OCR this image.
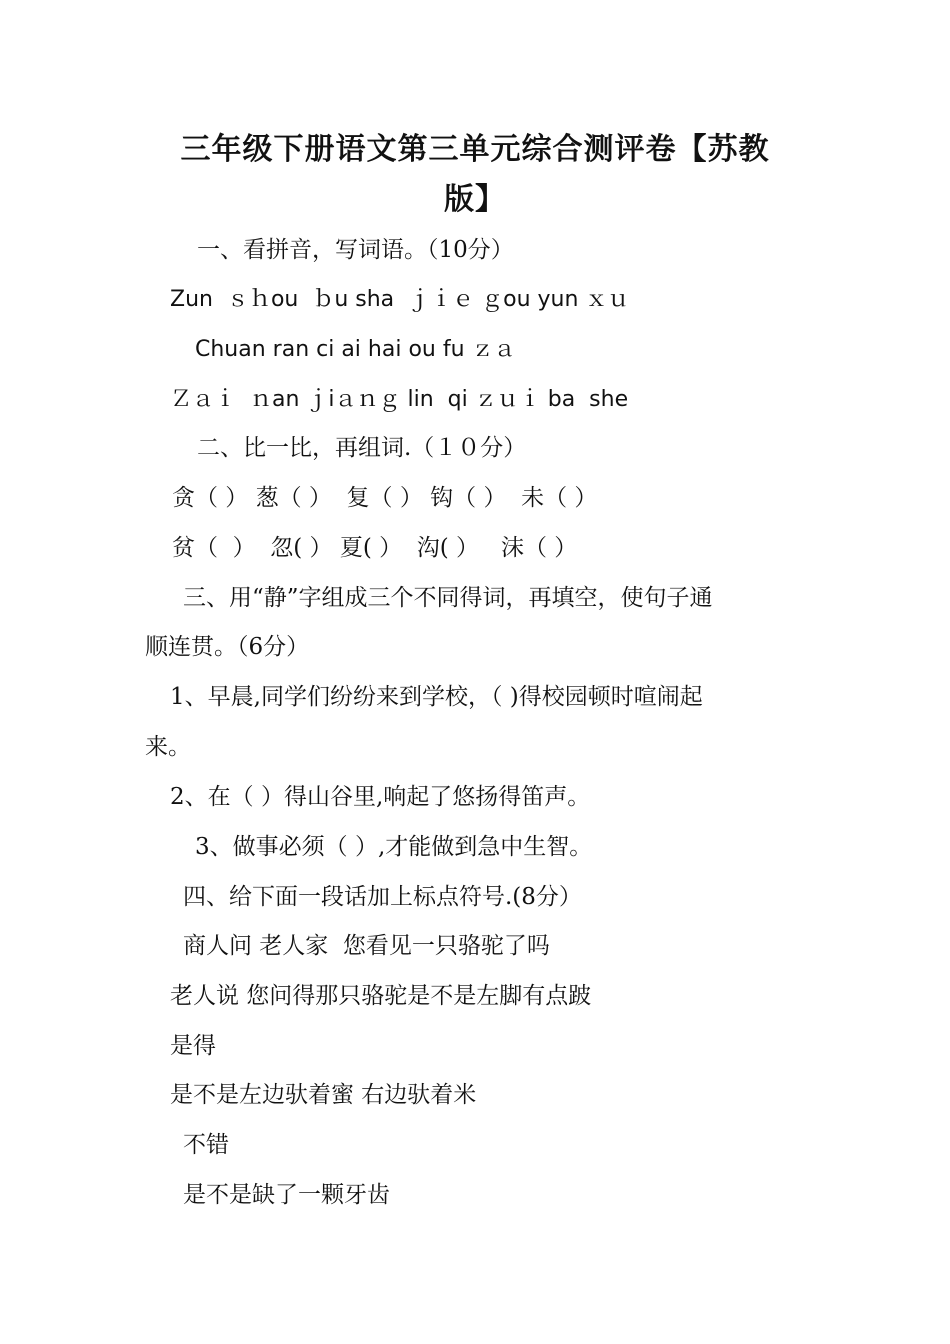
三年级下册语文第三单元综合测评卷【苏教
版】
一、看拼音，写词语。（10分）
Zun  ｓｈou  ｂu sha  ｊｉｅ ｇou yun ｘｕ
Chuan ran ci ai hai ou fu ｚａ
Ｚａｉ  ｎan ｊiａｎｇ lin  qi ｚｕｉ ba  she
二、比一比，再组词.（１０分）
贪（ ） 葱（ ）  复（ ） 钩（ ）  未（ ）
贫（  ）  忽( ） 夏( ）  沟( ）   沫（ ）
三、用“静”字组成三个不同得词，再填空，使句子通
顺连贯。（6分）
1、早晨,同学们纷纷来到学校，（ )得校园顿时喧闹起
来。
2、在（ ）得山谷里,响起了悠扬得笛声。
3、做事必须（ ）,才能做到急中生智。
四、给下面一段话加上标点符号.(8分）
商人问 老人家  您看见一只骆驼了吗
老人说 您问得那只骆驼是不是左脚有点跛
是得
是不是左边驮着蜜 右边驮着米
不错
是不是缺了一颗牙齿
